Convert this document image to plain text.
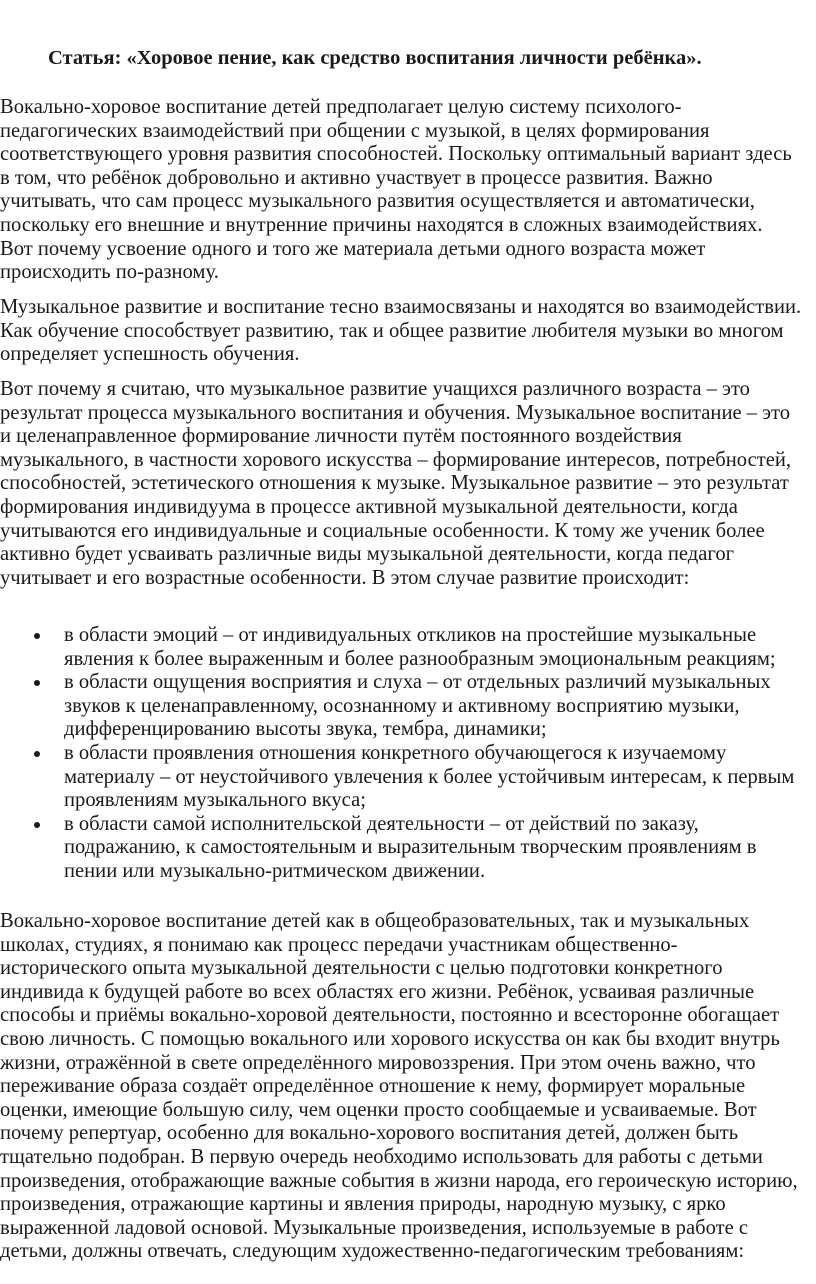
Статья: «Хоровое пение, как средство воспитания личности ребёнка».
Вокально-хоровое воспитание детей предполагает целую систему психолого-
педагогических взаимодействий при общении с музыкой, в целях формирования
соответствующего уровня развития способностей. Поскольку оптимальный вариант здесь
в том, что ребёнок добровольно и активно участвует в процессе развития. Важно
учитывать, что сам процесс музыкального развития осуществляется и автоматически,
поскольку его внешние и внутренние причины находятся в сложных взаимодействиях.
Вот почему усвоение одного и того же материала детьми одного возраста может
происходить по-разному.
Музыкальное развитие и воспитание тесно взаимосвязаны и находятся во взаимодействии.
Как обучение способствует развитию, так и общее развитие любителя музыки во многом
определяет успешность обучения.
Вот почему я считаю, что музыкальное развитие учащихся различного возраста – это
результат процесса музыкального воспитания и обучения. Музыкальное воспитание – это
и целенаправленное формирование личности путём постоянного воздействия
музыкального, в частности хорового искусства – формирование интересов, потребностей,
способностей, эстетического отношения к музыке. Музыкальное развитие – это результат
формирования индивидуума в процессе активной музыкальной деятельности, когда
учитываются его индивидуальные и социальные особенности. К тому же ученик более
активно будет усваивать различные виды музыкальной деятельности, когда педагог
учитывает и его возрастные особенности. В этом случае развитие происходит:
в области эмоций – от индивидуальных откликов на простейшие музыкальные
явления к более выраженным и более разнообразным эмоциональным реакциям;
в области ощущения восприятия и слуха – от отдельных различий музыкальных
звуков к целенаправленному, осознанному и активному восприятию музыки,
дифференцированию высоты звука, тембра, динамики;
в области проявления отношения конкретного обучающегося к изучаемому
материалу – от неустойчивого увлечения к более устойчивым интересам, к первым
проявлениям музыкального вкуса;
в области самой исполнительской деятельности – от действий по заказу,
подражанию, к самостоятельным и выразительным творческим проявлениям в
пении или музыкально-ритмическом движении.
Вокально-хоровое воспитание детей как в общеобразовательных, так и музыкальных
школах, студиях, я понимаю как процесс передачи участникам общественно-
исторического опыта музыкальной деятельности с целью подготовки конкретного
индивида к будущей работе во всех областях его жизни. Ребёнок, усваивая различные
способы и приёмы вокально-хоровой деятельности, постоянно и всесторонне обогащает
свою личность. С помощью вокального или хорового искусства он как бы входит внутрь
жизни, отражённой в свете определённого мировоззрения. При этом очень важно, что
переживание образа создаёт определённое отношение к нему, формирует моральные
оценки, имеющие большую силу, чем оценки просто сообщаемые и усваиваемые. Вот
почему репертуар, особенно для вокально-хорового воспитания детей, должен быть
тщательно подобран. В первую очередь необходимо использовать для работы с детьми
произведения, отображающие важные события в жизни народа, его героическую историю,
произведения, отражающие картины и явления природы, народную музыку, с ярко
выраженной ладовой основой. Музыкальные произведения, используемые в работе с
детьми, должны отвечать, следующим художественно-педагогическим требованиям:
